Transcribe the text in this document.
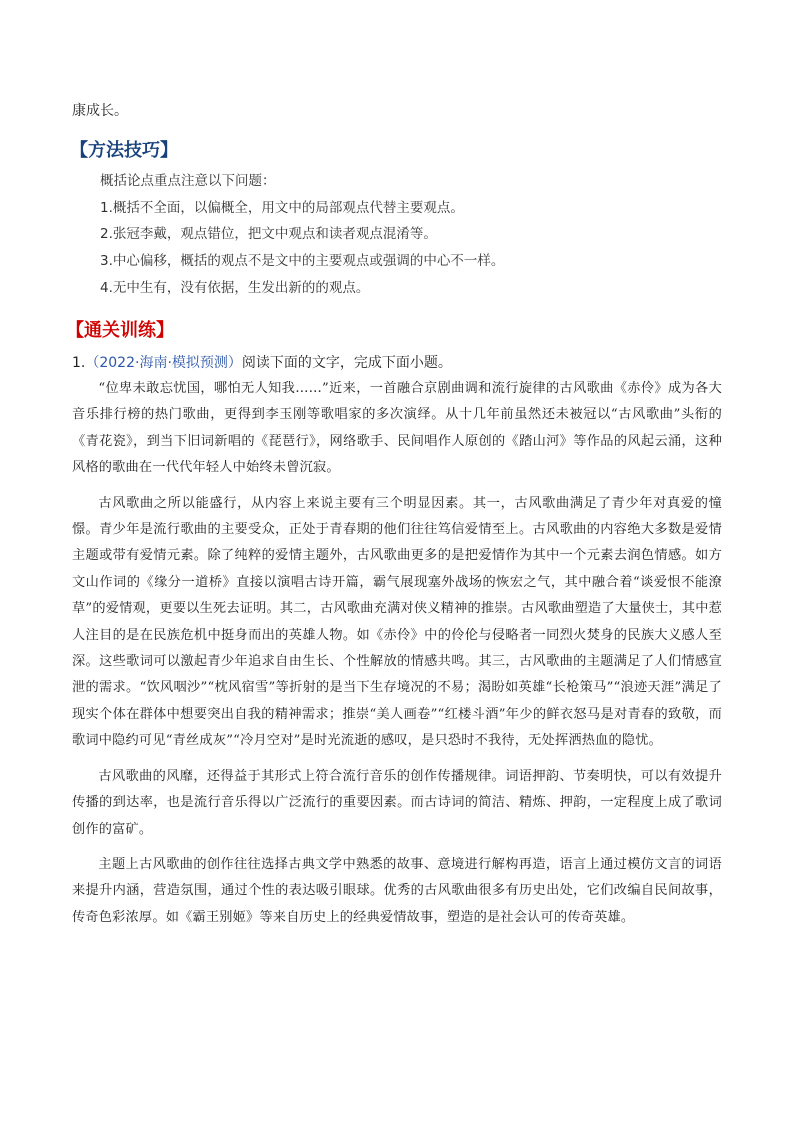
康成长。
【方法技巧】
概括论点重点注意以下问题：
1.概括不全面，以偏概全，用文中的局部观点代替主要观点。
2.张冠李戴，观点错位，把文中观点和读者观点混淆等。
3.中心偏移，概括的观点不是文中的主要观点或强调的中心不一样。
4.无中生有，没有依据，生发出新的的观点。
【通关训练】
1.（2022·海南·模拟预测）阅读下面的文字，完成下面小题。

“位卑未敢忘忧国，哪怕无人知我……”近来，一首融合京剧曲调和流行旋律的古风歌曲《赤伶》成为各大音乐排行榜的热门歌曲，更得到李玉刚等歌唱家的多次演绎。从十几年前虽然还未被冠以“古风歌曲”头衔的《青花瓷》，到当下旧词新唱的《琵琶行》，网络歌手、民间唱作人原创的《踏山河》等作品的风起云涌，这种风格的歌曲在一代代年轻人中始终未曾沉寂。

古风歌曲之所以能盛行，从内容上来说主要有三个明显因素。其一，古风歌曲满足了青少年对真爱的憧憬。青少年是流行歌曲的主要受众，正处于青春期的他们往往笃信爱情至上。古风歌曲的内容绝大多数是爱情主题或带有爱情元素。除了纯粹的爱情主题外，古风歌曲更多的是把爱情作为其中一个元素去润色情感。如方文山作词的《缘分一道桥》直接以演唱古诗开篇，霸气展现塞外战场的恢宏之气，其中融合着“谈爱恨不能潦草”的爱情观，更要以生死去证明。其二，古风歌曲充满对侠义精神的推崇。古风歌曲塑造了大量侠士，其中惹人注目的是在民族危机中挺身而出的英雄人物。如《赤伶》中的伶伦与侵略者一同烈火焚身的民族大义感人至深。这些歌词可以激起青少年追求自由生长、个性解放的情感共鸣。其三，古风歌曲的主题满足了人们情感宣泄的需求。“饮风咽沙”“枕风宿雪”等折射的是当下生存境况的不易；渴盼如英雄“长枪策马”“浪迹天涯”满足了现实个体在群体中想要突出自我的精神需求；推崇“美人画卷”“红楼斗酒”年少的鲜衣怒马是对青春的致敬，而歌词中隐约可见“青丝成灰”“冷月空对”是时光流逝的感叹，是只恐时不我待，无处挥洒热血的隐忧。

古风歌曲的风靡，还得益于其形式上符合流行音乐的创作传播规律。词语押韵、节奏明快，可以有效提升传播的到达率，也是流行音乐得以广泛流行的重要因素。而古诗词的简洁、精炼、押韵，一定程度上成了歌词创作的富矿。

主题上古风歌曲的创作往往选择古典文学中熟悉的故事、意境进行解构再造，语言上通过模仿文言的词语来提升内涵，营造氛围，通过个性的表达吸引眼球。优秀的古风歌曲很多有历史出处，它们改编自民间故事，传奇色彩浓厚。如《霸王别姬》等来自历史上的经典爱情故事，塑造的是社会认可的传奇英雄。
